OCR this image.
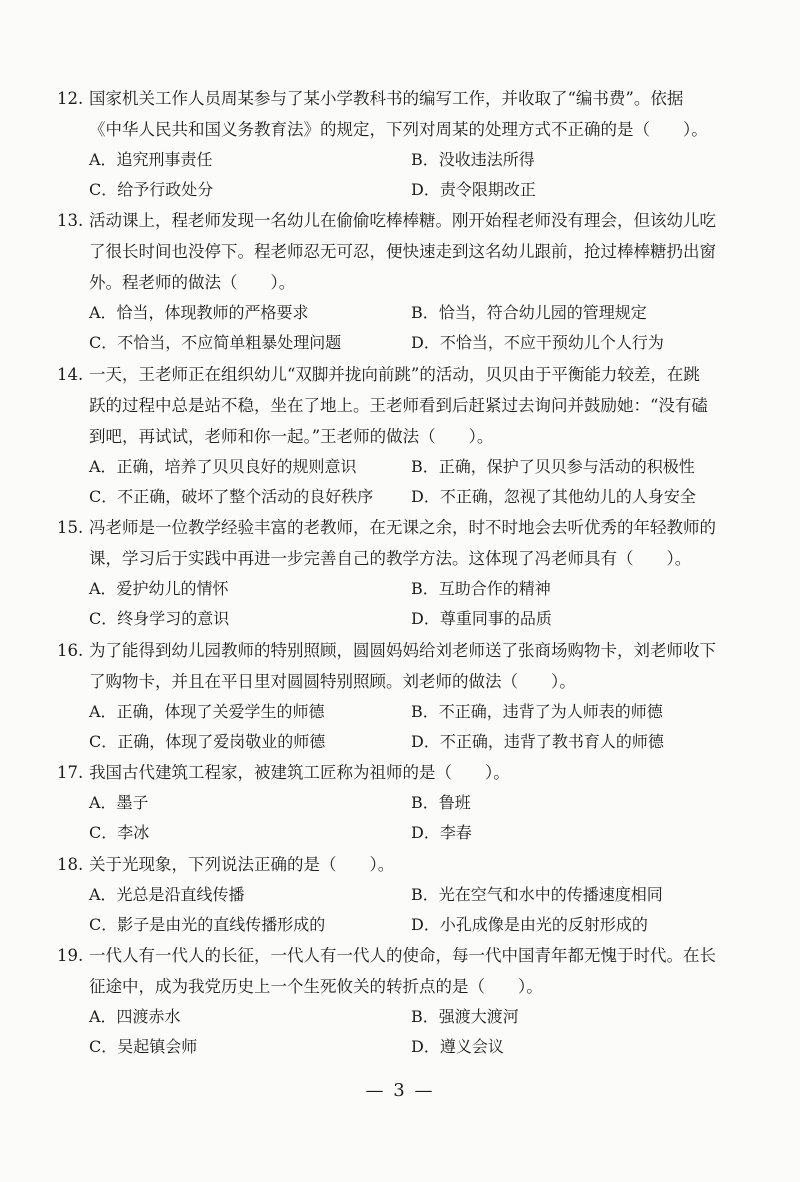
12. 国家机关工作人员周某参与了某小学教科书的编写工作，并收取了“编书费”。依据
《中华人民共和国义务教育法》的规定，下列对周某的处理方式不正确的是（　　）。

A．追究刑事责任	B．没收违法所得
C．给予行政处分	D．责令限期改正

13. 活动课上，程老师发现一名幼儿在偷偷吃棒棒糖。刚开始程老师没有理会，但该幼儿吃
了很长时间也没停下。程老师忍无可忍，便快速走到这名幼儿跟前，抢过棒棒糖扔出窗
外。程老师的做法（　　）。

A．恰当，体现教师的严格要求	B．恰当，符合幼儿园的管理规定
C．不恰当，不应简单粗暴处理问题	D．不恰当，不应干预幼儿个人行为

14. 一天，王老师正在组织幼儿“双脚并拢向前跳”的活动，贝贝由于平衡能力较差，在跳
跃的过程中总是站不稳，坐在了地上。王老师看到后赶紧过去询问并鼓励她：“没有磕
到吧，再试试，老师和你一起。”王老师的做法（　　）。

A．正确，培养了贝贝良好的规则意识	B．正确，保护了贝贝参与活动的积极性
C．不正确，破坏了整个活动的良好秩序	D．不正确，忽视了其他幼儿的人身安全

15. 冯老师是一位教学经验丰富的老教师，在无课之余，时不时地会去听优秀的年轻教师的
课，学习后于实践中再进一步完善自己的教学方法。这体现了冯老师具有（　　）。

A．爱护幼儿的情怀	B．互助合作的精神
C．终身学习的意识	D．尊重同事的品质

16. 为了能得到幼儿园教师的特别照顾，圆圆妈妈给刘老师送了张商场购物卡，刘老师收下
了购物卡，并且在平日里对圆圆特别照顾。刘老师的做法（　　）。

A．正确，体现了关爱学生的师德	B．不正确，违背了为人师表的师德
C．正确，体现了爱岗敬业的师德	D．不正确，违背了教书育人的师德

17. 我国古代建筑工程家，被建筑工匠称为祖师的是（　　）。

A．墨子	B．鲁班
C．李冰	D．李春

18. 关于光现象，下列说法正确的是（　　）。

A．光总是沿直线传播	B．光在空气和水中的传播速度相同
C．影子是由光的直线传播形成的	D．小孔成像是由光的反射形成的

19. 一代人有一代人的长征，一代人有一代人的使命，每一代中国青年都无愧于时代。在长
征途中，成为我党历史上一个生死攸关的转折点的是（　　）。

A．四渡赤水	B．强渡大渡河
C．吴起镇会师	D．遵义会议
— 3 —
